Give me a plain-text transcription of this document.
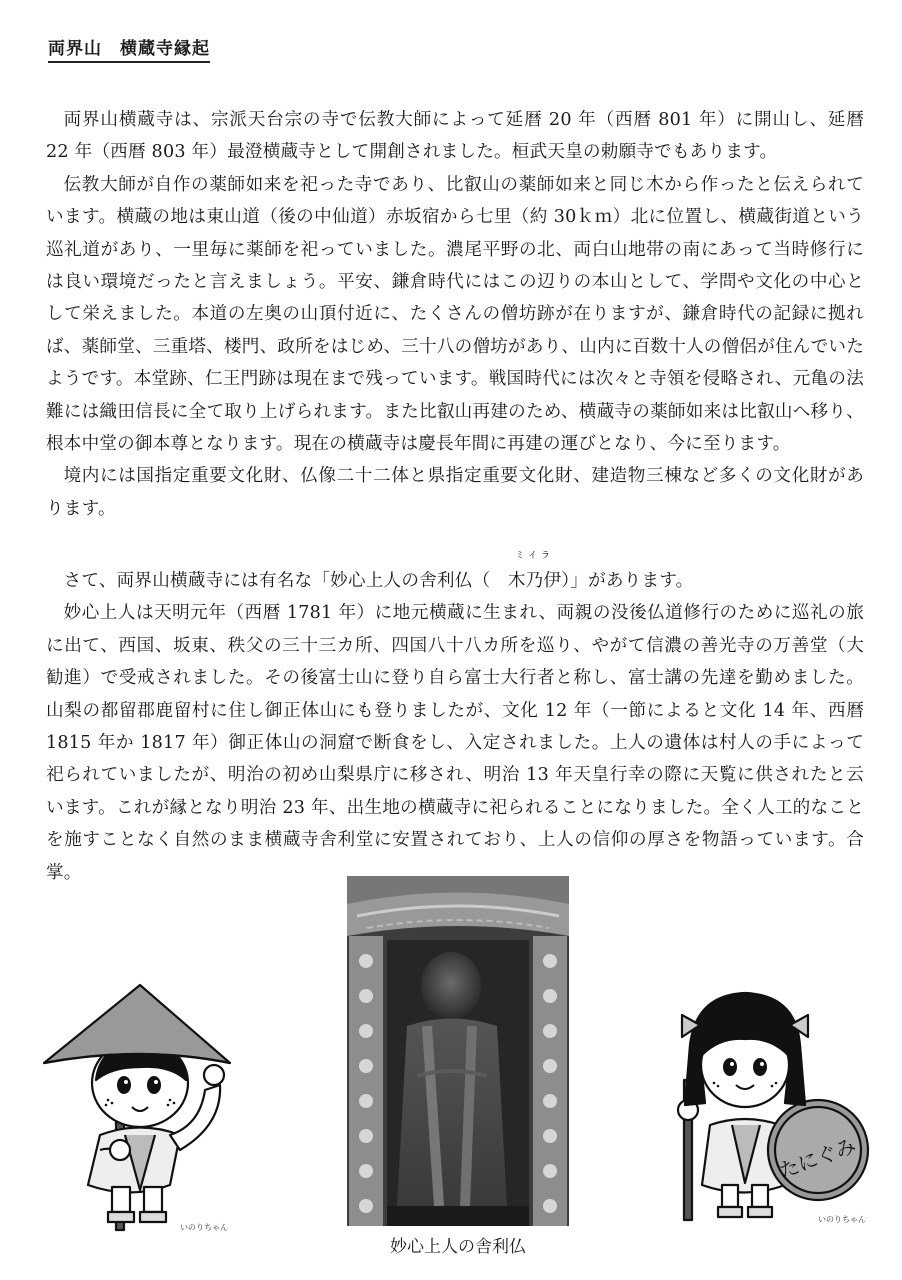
両界山　横蔵寺縁起

両界山横蔵寺は、宗派天台宗の寺で伝教大師によって延暦 20 年（西暦 801 年）に開山し、延暦 22 年（西暦 803 年）最澄横蔵寺として開創されました。桓武天皇の勅願寺でもあります。

伝教大師が自作の薬師如来を祀った寺であり、比叡山の薬師如来と同じ木から作ったと伝えられています。横蔵の地は東山道（後の中仙道）赤坂宿から七里（約 30ｋｍ）北に位置し、横蔵街道という巡礼道があり、一里毎に薬師を祀っていました。濃尾平野の北、両白山地帯の南にあって当時修行には良い環境だったと言えましょう。平安、鎌倉時代にはこの辺りの本山として、学問や文化の中心として栄えました。本道の左奥の山頂付近に、たくさんの僧坊跡が在りますが、鎌倉時代の記録に拠れば、薬師堂、三重塔、楼門、政所をはじめ、三十八の僧坊があり、山内に百数十人の僧侶が住んでいたようです。本堂跡、仁王門跡は現在まで残っています。戦国時代には次々と寺領を侵略され、元亀の法難には織田信長に全て取り上げられます。また比叡山再建のため、横蔵寺の薬師如来は比叡山へ移り、根本中堂の御本尊となります。現在の横蔵寺は慶長年間に再建の運びとなり、今に至ります。

境内には国指定重要文化財、仏像二十二体と県指定重要文化財、建造物三棟など多くの文化財があります。

さて、両界山横蔵寺には有名な「妙心上人の舎利仏（
ミイラ
木乃伊）」があります。

妙心上人は天明元年（西暦 1781 年）に地元横蔵に生まれ、両親の没後仏道修行のために巡礼の旅に出て、西国、坂東、秩父の三十三カ所、四国八十八カ所を巡り、やがて信濃の善光寺の万善堂（大勧進）で受戒されました。その後富士山に登り自ら富士大行者と称し、富士講の先達を勤めました。山梨の都留郡鹿留村に住し御正体山にも登りましたが、文化 12 年（一節によると文化 14 年、西暦 1815 年か 1817 年）御正体山の洞窟で断食をし、入定されました。上人の遺体は村人の手によって祀られていましたが、明治の初め山梨県庁に移され、明治 13 年天皇行幸の際に天覧に供されたと云います。これが縁となり明治 23 年、出生地の横蔵寺に祀られることになりました。全く人工的なことを施すことなく自然のまま横蔵寺舎利堂に安置されており、上人の信仰の厚さを物語っています。合掌。

妙心上人の舎利仏
いのりちゃん
たにぐみ
いのりちゃん
